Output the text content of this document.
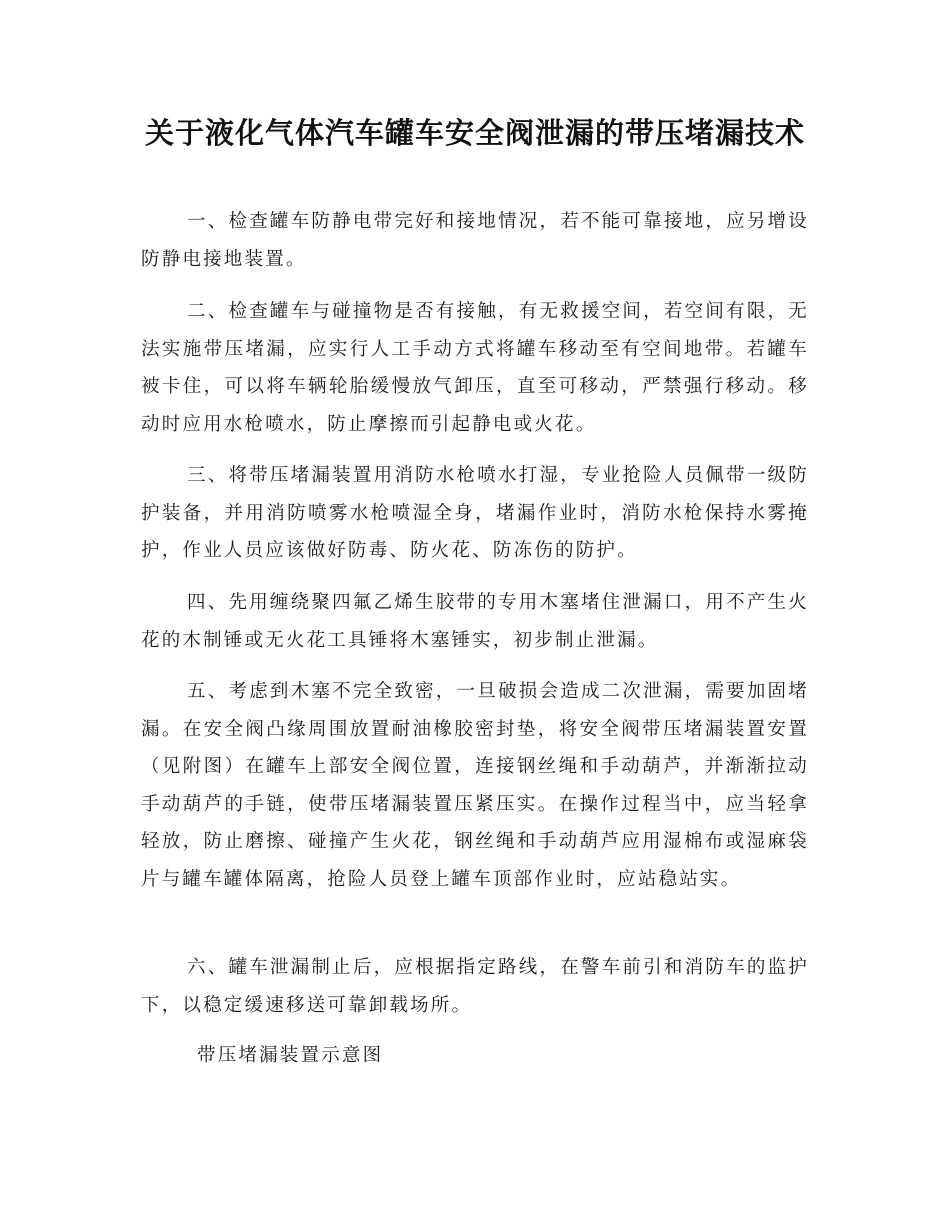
关于液化气体汽车罐车安全阀泄漏的带压堵漏技术

一、检查罐车防静电带完好和接地情况，若不能可靠接地，应另增设防静电接地装置。

二、检查罐车与碰撞物是否有接触，有无救援空间，若空间有限，无法实施带压堵漏，应实行人工手动方式将罐车移动至有空间地带。若罐车被卡住，可以将车辆轮胎缓慢放气卸压，直至可移动，严禁强行移动。移动时应用水枪喷水，防止摩擦而引起静电或火花。

三、将带压堵漏装置用消防水枪喷水打湿，专业抢险人员佩带一级防护装备，并用消防喷雾水枪喷湿全身，堵漏作业时，消防水枪保持水雾掩护，作业人员应该做好防毒、防火花、防冻伤的防护。

四、先用缠绕聚四氟乙烯生胶带的专用木塞堵住泄漏口，用不产生火花的木制锤或无火花工具锤将木塞锤实，初步制止泄漏。

五、考虑到木塞不完全致密，一旦破损会造成二次泄漏，需要加固堵漏。在安全阀凸缘周围放置耐油橡胶密封垫，将安全阀带压堵漏装置安置（见附图）在罐车上部安全阀位置，连接钢丝绳和手动葫芦，并渐渐拉动手动葫芦的手链，使带压堵漏装置压紧压实。在操作过程当中，应当轻拿轻放，防止磨擦、碰撞产生火花，钢丝绳和手动葫芦应用湿棉布或湿麻袋片与罐车罐体隔离，抢险人员登上罐车顶部作业时，应站稳站实。

六、罐车泄漏制止后，应根据指定路线，在警车前引和消防车的监护下，以稳定缓速移送可靠卸载场所。

带压堵漏装置示意图
